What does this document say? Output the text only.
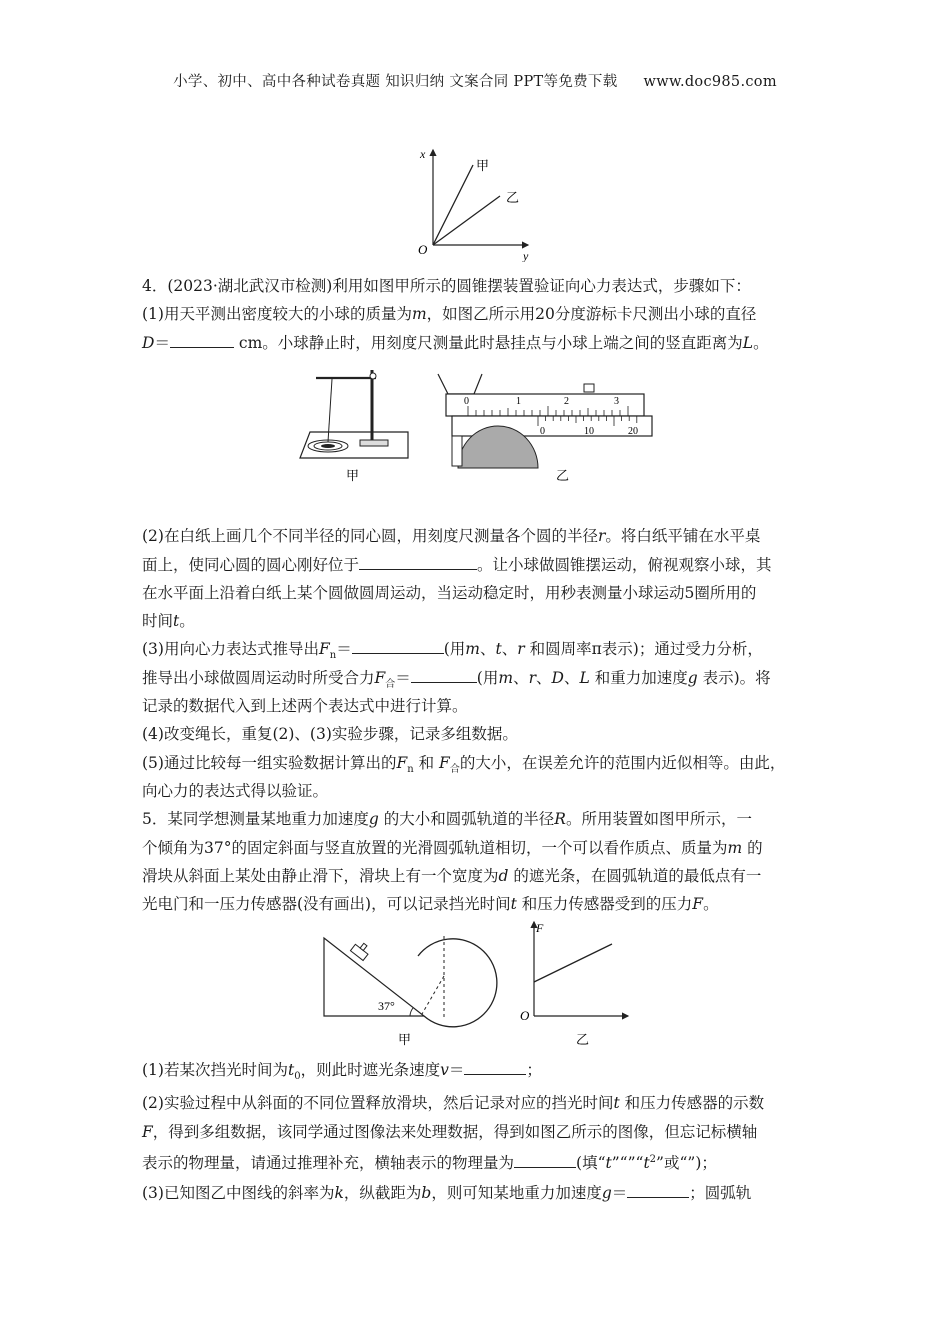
小学、初中、高中各种试卷真题 知识归纳 文案合同 PPT等免费下载 www.doc985.com
x
y
O
甲
乙
4．(2023·湖北武汉市检测)利用如图甲所示的圆锥摆装置验证向心力表达式，步骤如下：
(1)用天平测出密度较大的小球的质量为m，如图乙所示用20分度游标卡尺测出小球的直径
D＝	cm。小球静止时，用刻度尺测量此时悬挂点与小球上端之间的竖直距离为L。
甲
0	1	2	3
0	10	20
乙
(2)在白纸上画几个不同半径的同心圆，用刻度尺测量各个圆的半径r。将白纸平铺在水平桌
面上，使同心圆的圆心刚好位于	。让小球做圆锥摆运动，俯视观察小球，其
在水平面上沿着白纸上某个圆做圆周运动，当运动稳定时，用秒表测量小球运动5圈所用的
时间t。
(3)用向心力表达式推导出$F_n=$	(用m、t、r 和圆周率π表示)；通过受力分析，
推导出小球做圆周运动时所受合力$F_合=$	(用m、r、D、L 和重力加速度g 表示)。将
记录的数据代入到上述两个表达式中进行计算。
(4)改变绳长，重复(2)、(3)实验步骤，记录多组数据。
(5)通过比较每一组实验数据计算出的$F_n$ 和 $F_合$的大小，在误差允许的范围内近似相等。由此，
向心力的表达式得以验证。
5．某同学想测量某地重力加速度g 的大小和圆弧轨道的半径R。所用装置如图甲所示，一
个倾角为37°的固定斜面与竖直放置的光滑圆弧轨道相切，一个可以看作质点、质量为m 的
滑块从斜面上某处由静止滑下，滑块上有一个宽度为d 的遮光条，在圆弧轨道的最低点有一
光电门和一压力传感器(没有画出)，可以记录挡光时间t 和压力传感器受到的压力F。
37°
甲
F
O
乙
(1)若某次挡光时间为$t_0$，则此时遮光条速度v＝	；
(2)实验过程中从斜面的不同位置释放滑块，然后记录对应的挡光时间t 和压力传感器的示数
F，得到多组数据，该同学通过图像法来处理数据，得到如图乙所示的图像，但忘记标横轴
表示的物理量，请通过推理补充，横轴表示的物理量为	(填“$t”“”“t^2$”或“”)；
(3)已知图乙中图线的斜率为k，纵截距为b，则可知某地重力加速度g＝	；圆弧轨
